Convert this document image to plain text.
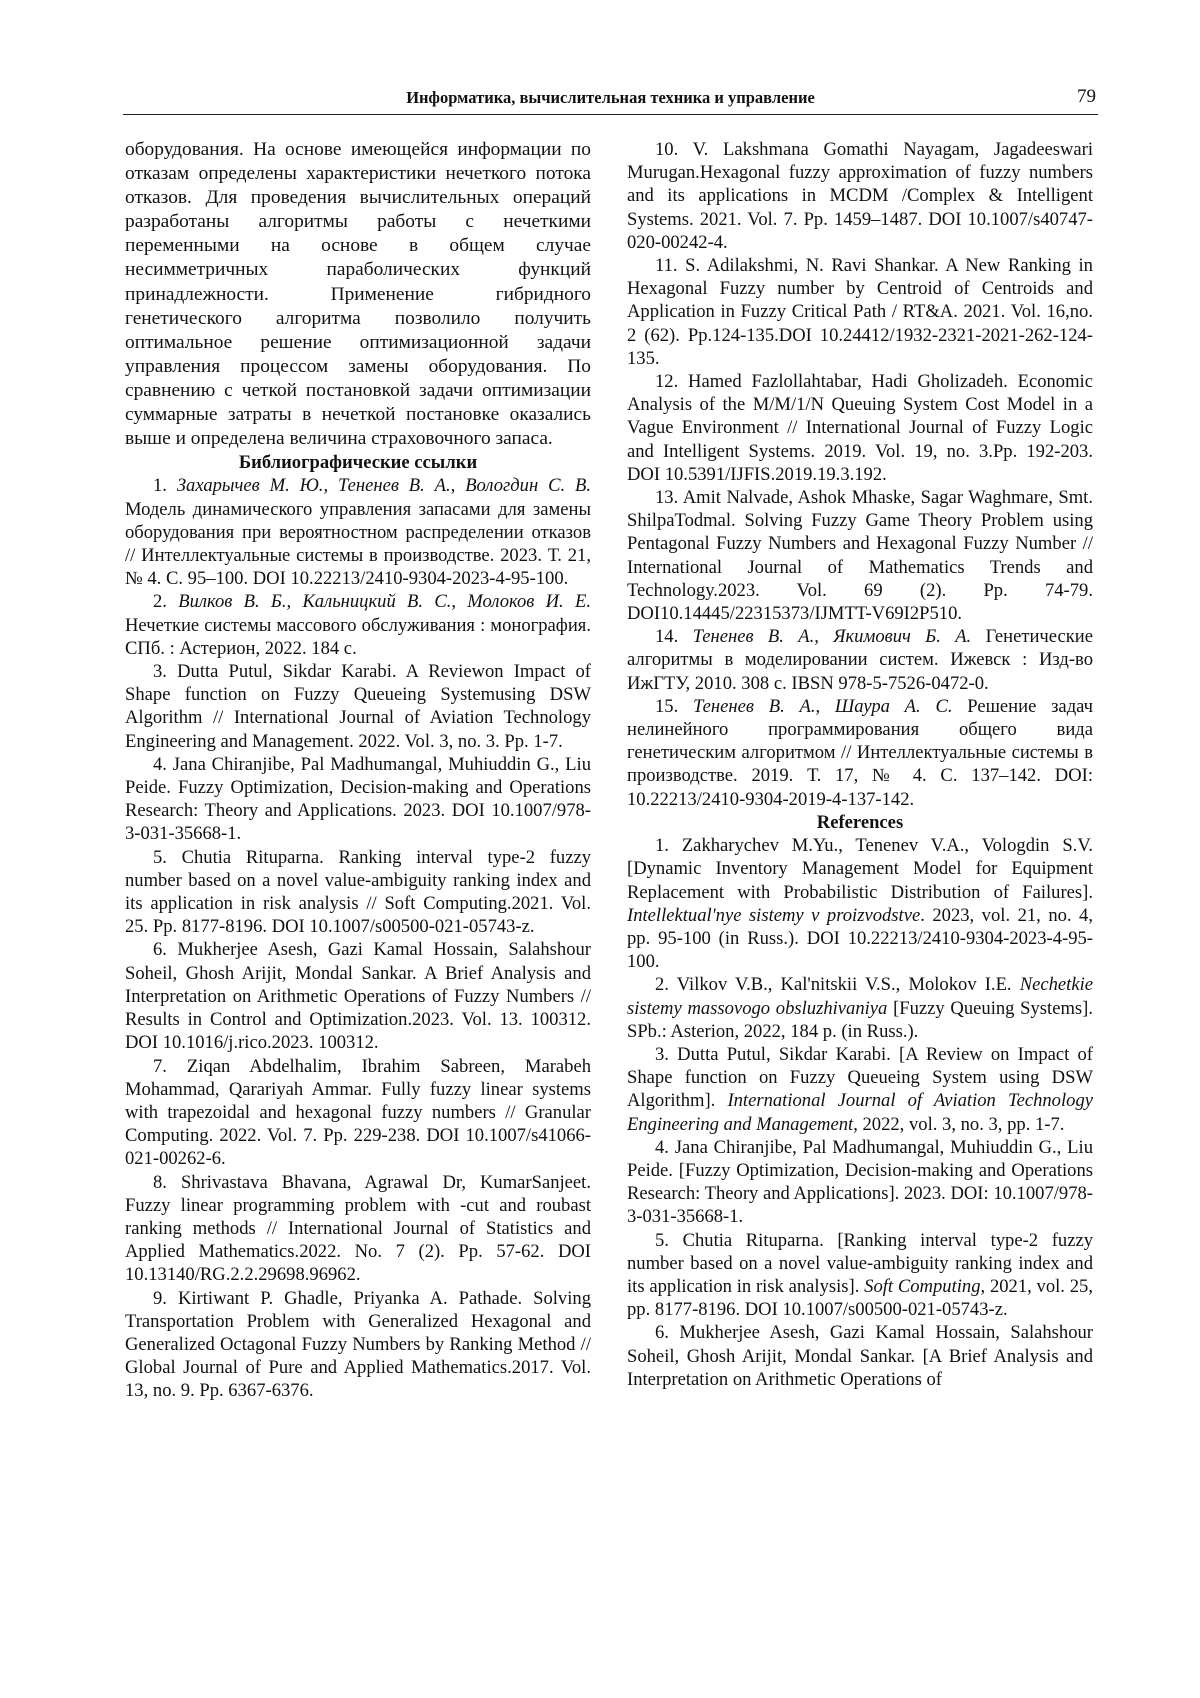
Информатика, вычислительная техника и управление	79

оборудования. На основе имеющейся информации по отказам определены характеристики нечеткого потока отказов. Для проведения вычислительных операций разработаны алгоритмы работы с нечеткими переменными на основе в общем случае несимметричных параболических функций принадлежности. Применение гибридного генетического алгоритма позволило получить оптимальное решение оптимизационной задачи управления процессом замены оборудования. По сравнению с четкой постановкой задачи оптимизации суммарные затраты в нечеткой постановке оказались выше и определена величина страховочного запаса.

Библиографические ссылки

1. Захарычев М. Ю., Тененев В. А., Вологдин С. В. Модель динамического управления запасами для замены оборудования при вероятностном распределении отказов // Интеллектуальные системы в производстве. 2023. Т. 21, № 4. С. 95–100. DOI 10.22213/2410-9304-2023-4-95-100.

2. Вилков В. Б., Кальницкий В. С., Молоков И. Е. Нечеткие системы массового обслуживания : монография. СПб. : Астерион, 2022. 184 с.

3. Dutta Putul, Sikdar Karabi. A Reviewon Impact of Shape function on Fuzzy Queueing Systemusing DSW Algorithm // International Journal of Aviation Technology Engineering and Management. 2022. Vol. 3, no. 3. Pp. 1-7.

4. Jana Chiranjibe, Pal Madhumangal, Muhiuddin G., Liu Peide. Fuzzy Optimization, Decision-making and Operations Research: Theory and Applications. 2023. DOI 10.1007/978-3-031-35668-1.

5. Chutia Rituparna. Ranking interval type-2 fuzzy number based on a novel value-ambiguity ranking index and its application in risk analysis // Soft Computing.2021. Vol. 25. Pp. 8177-8196. DOI 10.1007/s00500-021-05743-z.

6. Mukherjee Asesh, Gazi Kamal Hossain, Salahshour Soheil, Ghosh Arijit, Mondal Sankar. A Brief Analysis and Interpretation on Arithmetic Operations of Fuzzy Numbers // Results in Control and Optimization.2023. Vol. 13. 100312. DOI 10.1016/j.rico.2023. 100312.

7. Ziqan Abdelhalim, Ibrahim Sabreen, Marabeh Mohammad, Qarariyah Ammar. Fully fuzzy linear systems with trapezoidal and hexagonal fuzzy numbers // Granular Computing. 2022. Vol. 7. Pp. 229-238. DOI 10.1007/s41066-021-00262-6.

8. Shrivastava Bhavana, Agrawal Dr, KumarSanjeet. Fuzzy linear programming problem with -cut and roubast ranking methods // International Journal of Statistics and Applied Mathematics.2022. No. 7 (2). Pp. 57-62. DOI 10.13140/RG.2.2.29698.96962.

9. Kirtiwant P. Ghadle, Priyanka A. Pathade. Solving Transportation Problem with Generalized Hexagonal and Generalized Octagonal Fuzzy Numbers by Ranking Method // Global Journal of Pure and Applied Mathematics.2017. Vol. 13, no. 9. Pp. 6367-6376.

10. V. Lakshmana Gomathi Nayagam, Jagadeeswari Murugan.Hexagonal fuzzy approximation of fuzzy numbers and its applications in MCDM /Complex & Intelligent Systems. 2021. Vol. 7. Pp. 1459–1487. DOI 10.1007/s40747-020-00242-4.

11. S. Adilakshmi, N. Ravi Shankar. A New Ranking in Hexagonal Fuzzy number by Centroid of Centroids and Application in Fuzzy Critical Path / RT&A. 2021. Vol. 16,no. 2 (62). Pp.124-135.DOI 10.24412/1932-2321-2021-262-124-135.

12. Hamed Fazlollahtabar, Hadi Gholizadeh. Economic Analysis of the M/M/1/N Queuing System Cost Model in a Vague Environment // International Journal of Fuzzy Logic and Intelligent Systems. 2019. Vol. 19, no. 3.Pp. 192-203. DOI 10.5391/IJFIS.2019.19.3.192.

13. Amit Nalvade, Ashok Mhaske, Sagar Waghmare, Smt. ShilpaTodmal. Solving Fuzzy Game Theory Problem using Pentagonal Fuzzy Numbers and Hexagonal Fuzzy Number // International Journal of Mathematics Trends and Technology.2023. Vol. 69 (2). Pp. 74-79. DOI10.14445/22315373/IJMTT-V69I2P510.

14. Тененев В. А., Якимович Б. А. Генетические алгоритмы в моделировании систем. Ижевск : Изд-во ИжГТУ, 2010. 308 с. IBSN 978-5-7526-0472-0.

15. Тененев В. А., Шаура А. С. Решение задач нелинейного программирования общего вида генетическим алгоритмом // Интеллектуальные системы в производстве. 2019. Т. 17, № 4. С. 137–142. DOI: 10.22213/2410-9304-2019-4-137-142.

References

1. Zakharychev M.Yu., Tenenev V.A., Vologdin S.V. [Dynamic Inventory Management Model for Equipment Replacement with Probabilistic Distribution of Failures]. Intellektual'nye sistemy v proizvodstve. 2023, vol. 21, no. 4, pp. 95-100 (in Russ.). DOI 10.22213/2410-9304-2023-4-95-100.

2. Vilkov V.B., Kal'nitskii V.S., Molokov I.E. Nechetkie sistemy massovogo obsluzhivaniya [Fuzzy Queuing Systems]. SPb.: Asterion, 2022, 184 p. (in Russ.).

3. Dutta Putul, Sikdar Karabi. [A Review on Impact of Shape function on Fuzzy Queueing System using DSW Algorithm]. International Journal of Aviation Technology Engineering and Management, 2022, vol. 3, no. 3, pp. 1-7.

4. Jana Chiranjibe, Pal Madhumangal, Muhiuddin G., Liu Peide. [Fuzzy Optimization, Decision-making and Operations Research: Theory and Applications]. 2023. DOI: 10.1007/978-3-031-35668-1.

5. Chutia Rituparna. [Ranking interval type-2 fuzzy number based on a novel value-ambiguity ranking index and its application in risk analysis]. Soft Computing, 2021, vol. 25, pp. 8177-8196. DOI 10.1007/s00500-021-05743-z.

6. Mukherjee Asesh, Gazi Kamal Hossain, Salahshour Soheil, Ghosh Arijit, Mondal Sankar. [A Brief Analysis and Interpretation on Arithmetic Operations of
